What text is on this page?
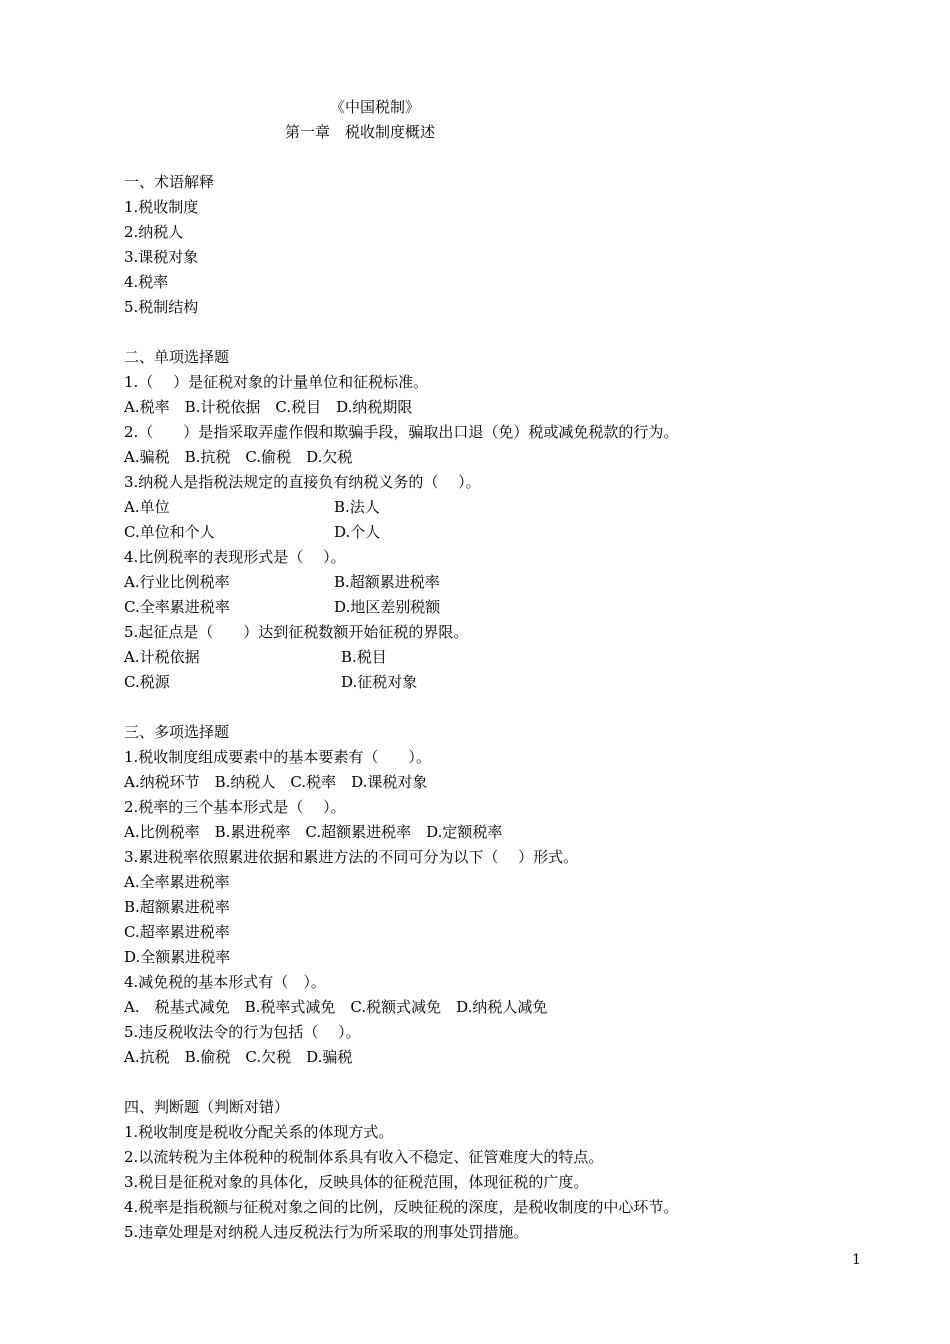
《中国税制》
第一章　税收制度概述
一、术语解释
1.税收制度
2.纳税人
3.课税对象
4.税率
5.税制结构
二、单项选择题
1.（　 ）是征税对象的计量单位和征税标准。
A.税率　B.计税依据　C.税目　D.纳税期限
2.（　　）是指采取弄虚作假和欺骗手段，骗取出口退（免）税或减免税款的行为。
A.骗税　B.抗税　C.偷税　D.欠税
3.纳税人是指税法规定的直接负有纳税义务的（　 ）。
A.单位	B.法人
C.单位和个人	D.个人
4.比例税率的表现形式是（　 ）。
A.行业比例税率	B.超额累进税率
C.全率累进税率	D.地区差别税额
5.起征点是（　　）达到征税数额开始征税的界限。
A.计税依据	B.税目
C.税源	D.征税对象
三、多项选择题
1.税收制度组成要素中的基本要素有（　　）。
A.纳税环节　B.纳税人　C.税率　D.课税对象
2.税率的三个基本形式是（　 ）。
A.比例税率　B.累进税率　C.超额累进税率　D.定额税率
3.累进税率依照累进依据和累进方法的不同可分为以下（　 ）形式。
A.全率累进税率
B.超额累进税率
C.超率累进税率
D.全额累进税率
4.减免税的基本形式有（　）。
A.　税基式减免　B.税率式减免　C.税额式减免　D.纳税人减免
5.违反税收法令的行为包括（　 ）。
A.抗税　B.偷税　C.欠税　D.骗税
四、判断题（判断对错）
1.税收制度是税收分配关系的体现方式。
2.以流转税为主体税种的税制体系具有收入不稳定、征管难度大的特点。
3.税目是征税对象的具体化，反映具体的征税范围，体现征税的广度。
4.税率是指税额与征税对象之间的比例，反映征税的深度，是税收制度的中心环节。
5.违章处理是对纳税人违反税法行为所采取的刑事处罚措施。
1
